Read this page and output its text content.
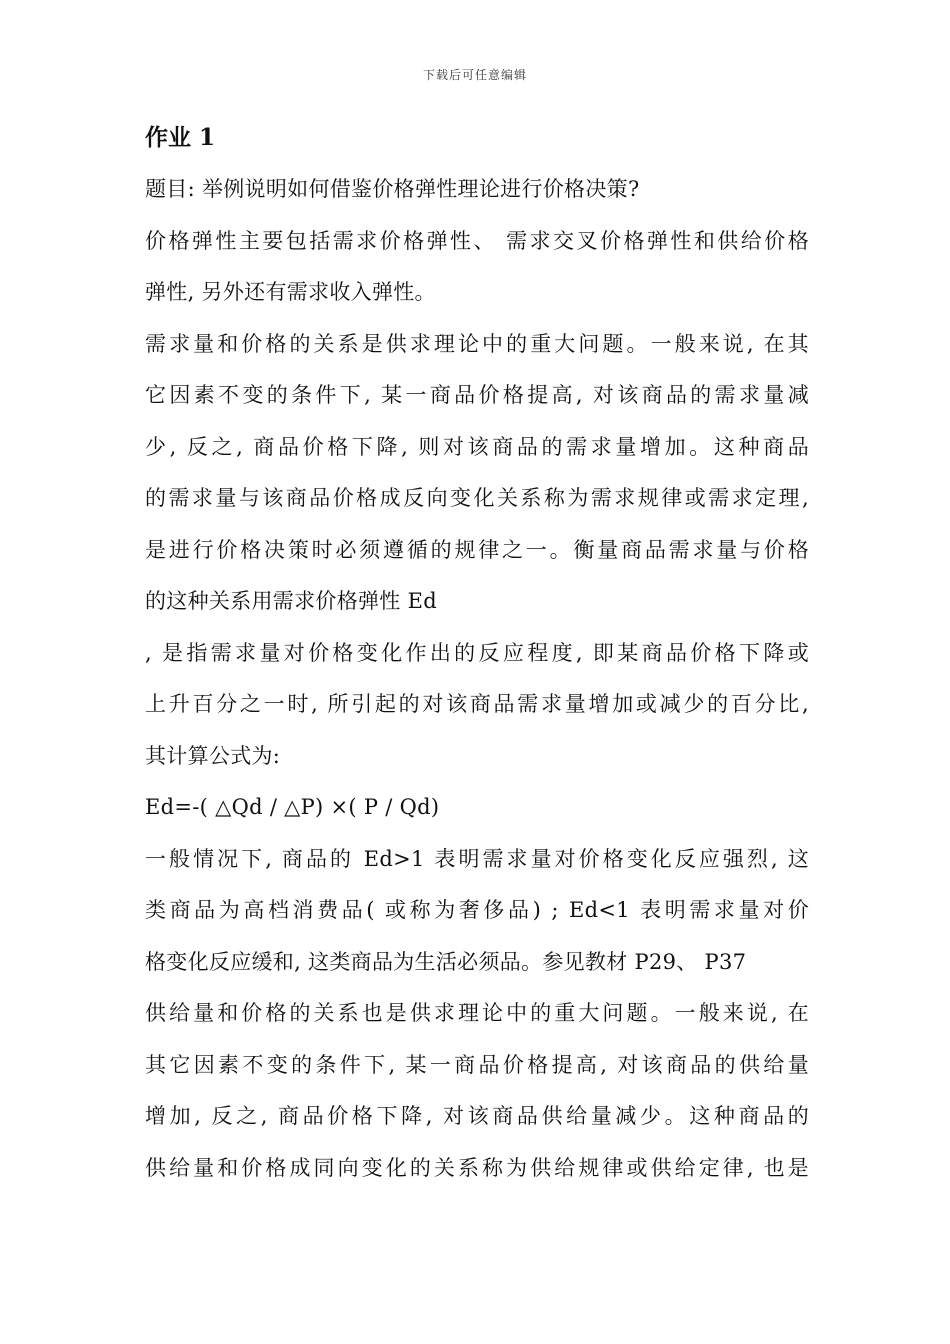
下载后可任意编辑
作业 1
题目: 举例说明如何借鉴价格弹性理论进行价格决策?
价格弹性主要包括需求价格弹性、 需求交叉价格弹性和供给价格
弹性, 另外还有需求收入弹性。
需求量和价格的关系是供求理论中的重大问题。一般来说, 在其
它因素不变的条件下, 某一商品价格提高, 对该商品的需求量减
少, 反之, 商品价格下降, 则对该商品的需求量增加。这种商品
的需求量与该商品价格成反向变化关系称为需求规律或需求定理,
是进行价格决策时必须遵循的规律之一。衡量商品需求量与价格
的这种关系用需求价格弹性 Ed
, 是指需求量对价格变化作出的反应程度, 即某商品价格下降或
上升百分之一时, 所引起的对该商品需求量增加或减少的百分比,
其计算公式为:
Ed=-( △Qd / △P) ×( P / Qd)
一般情况下, 商品的 Ed>1 表明需求量对价格变化反应强烈, 这
类商品为高档消费品( 或称为奢侈品) ; Ed<1 表明需求量对价
格变化反应缓和, 这类商品为生活必须品。参见教材 P29、 P37
供给量和价格的关系也是供求理论中的重大问题。一般来说, 在
其它因素不变的条件下, 某一商品价格提高, 对该商品的供给量
增加, 反之, 商品价格下降, 对该商品供给量减少。这种商品的
供给量和价格成同向变化的关系称为供给规律或供给定律, 也是
